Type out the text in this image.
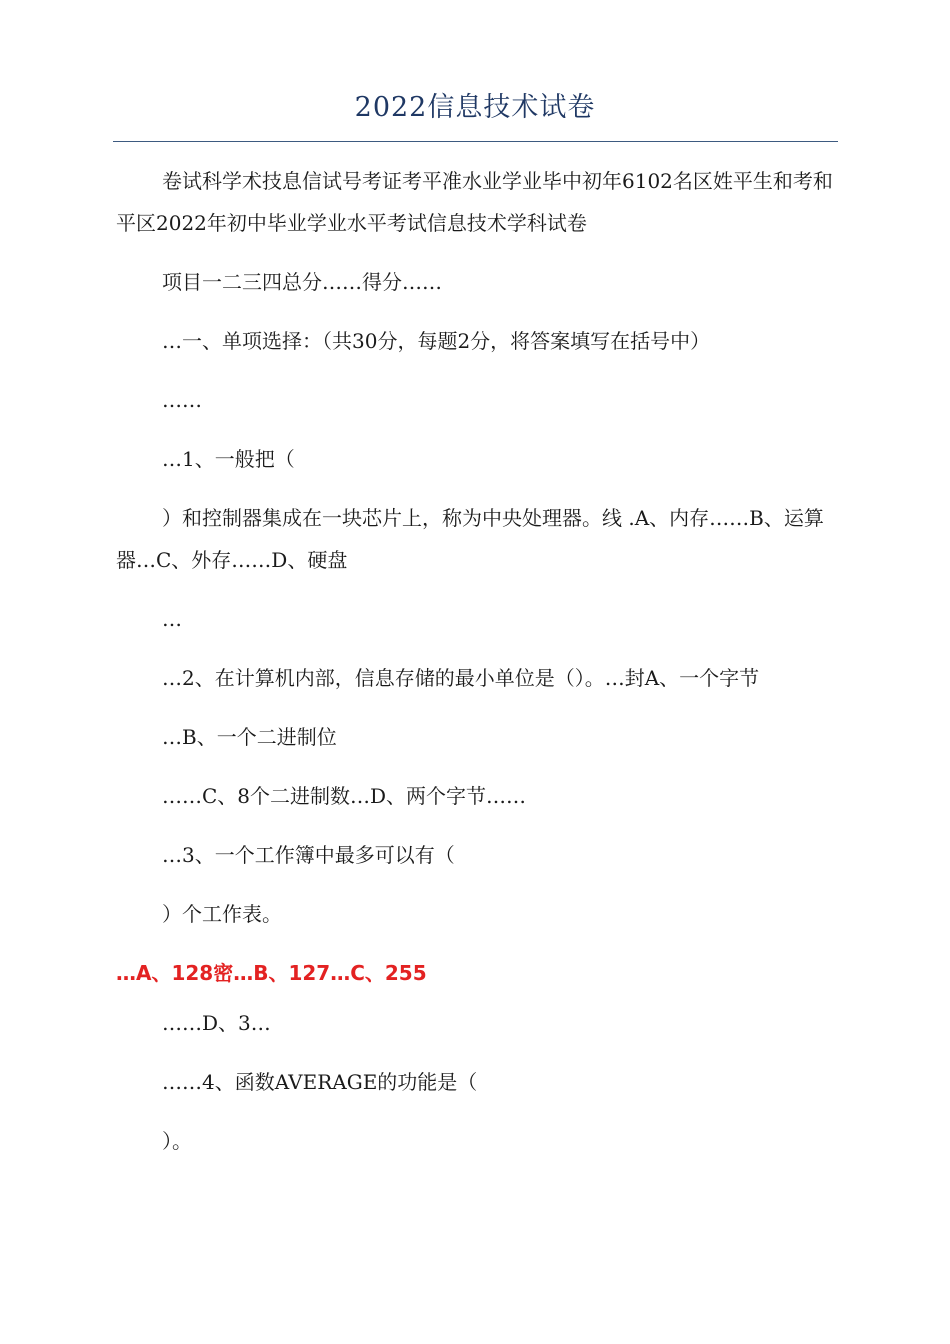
2022信息技术试卷

卷试科学术技息信试号考证考平准水业学业毕中初年6102名区姓平生和考和平区2022年初中毕业学业水平考试信息技术学科试卷

项目一二三四总分……得分……

…一、单项选择：（共30分，每题2分，将答案填写在括号中）

……

…1、一般把（

）和控制器集成在一块芯片上，称为中央处理器。线 .A、内存……B、运算器…C、外存……D、硬盘

…

…2、在计算机内部，信息存储的最小单位是（）。…封A、一个字节

…B、一个二进制位

……C、8个二进制数…D、两个字节……

…3、一个工作簿中最多可以有（

）个工作表。

…A、128密…B、127…C、255

……D、3…

……4、函数AVERAGE的功能是（

）。
